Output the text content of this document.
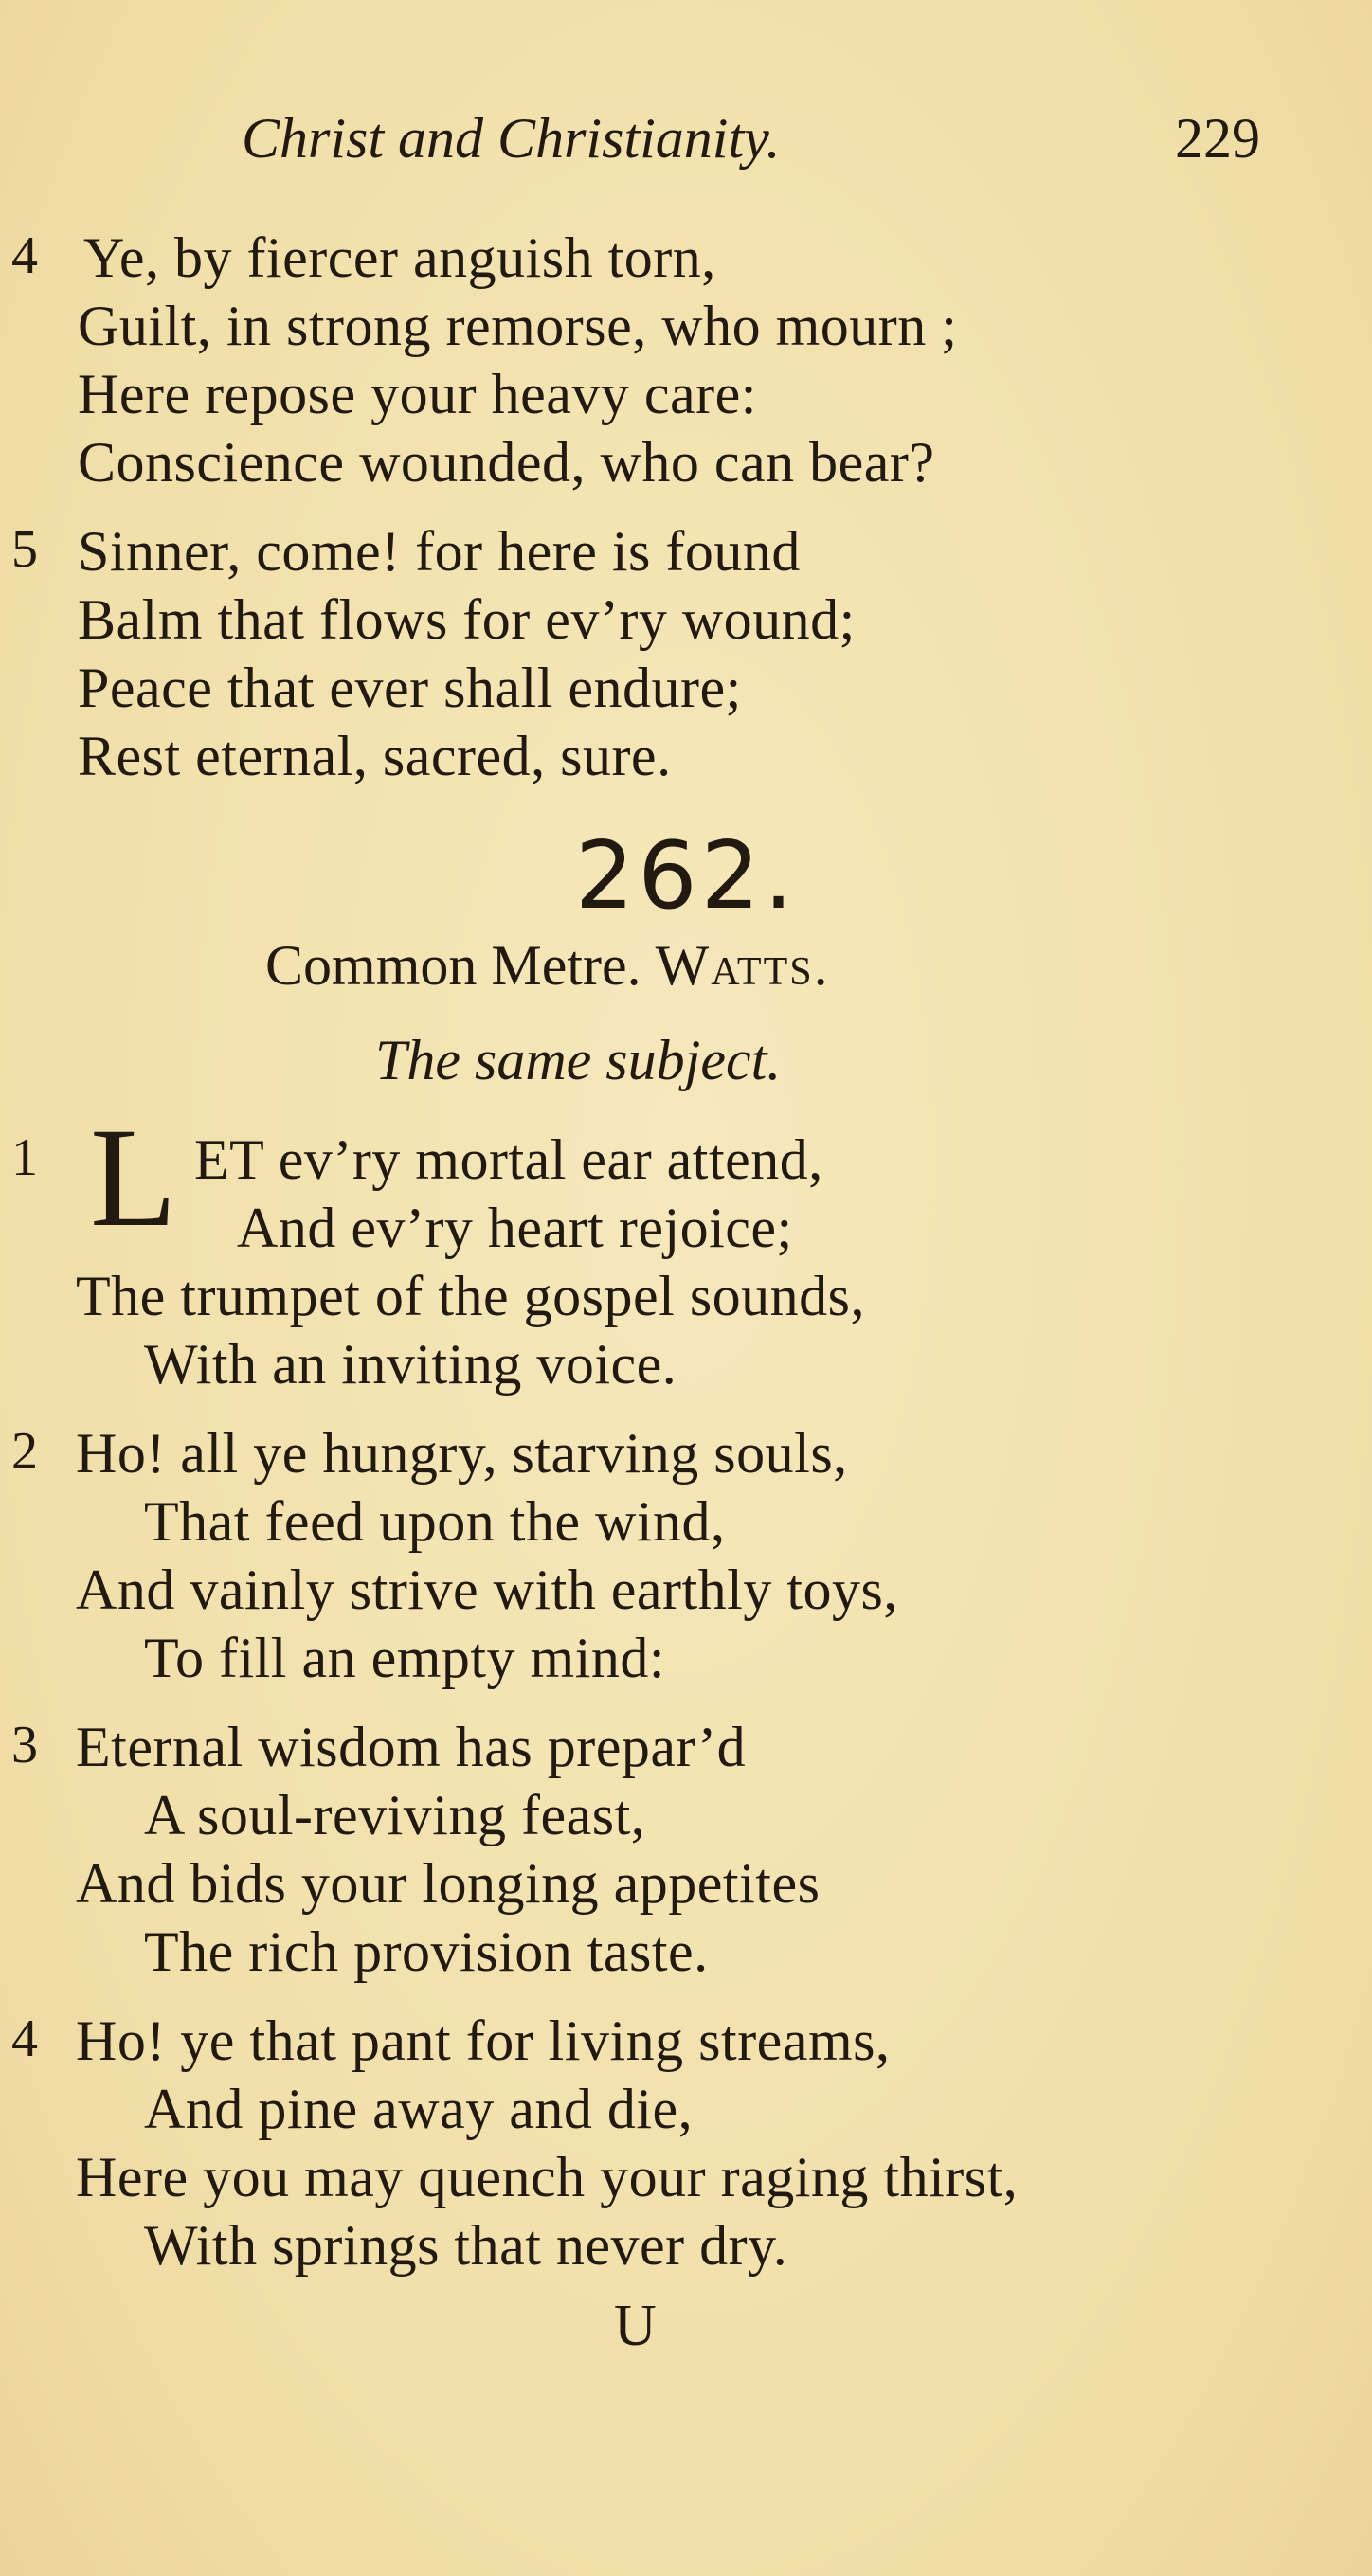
Christ and Christianity.	229
4 Ye, by fiercer anguish torn,
Guilt, in strong remorse, who mourn ;
Here repose your heavy care:
Conscience wounded, who can bear?
5 Sinner, come! for here is found
Balm that flows for ev’ry wound;
Peace that ever shall endure;
Rest eternal, sacred, sure.
262.
Common Metre. Watts.
The same subject.
1 L ET ev’ry mortal ear attend,
And ev’ry heart rejoice;
The trumpet of the gospel sounds,
With an inviting voice.
2 Ho! all ye hungry, starving souls,
That feed upon the wind,
And vainly strive with earthly toys,
To fill an empty mind:
3 Eternal wisdom has prepar’d
A soul-reviving feast,
And bids your longing appetites
The rich provision taste.
4 Ho! ye that pant for living streams,
And pine away and die,
Here you may quench your raging thirst,
With springs that never dry.
U
